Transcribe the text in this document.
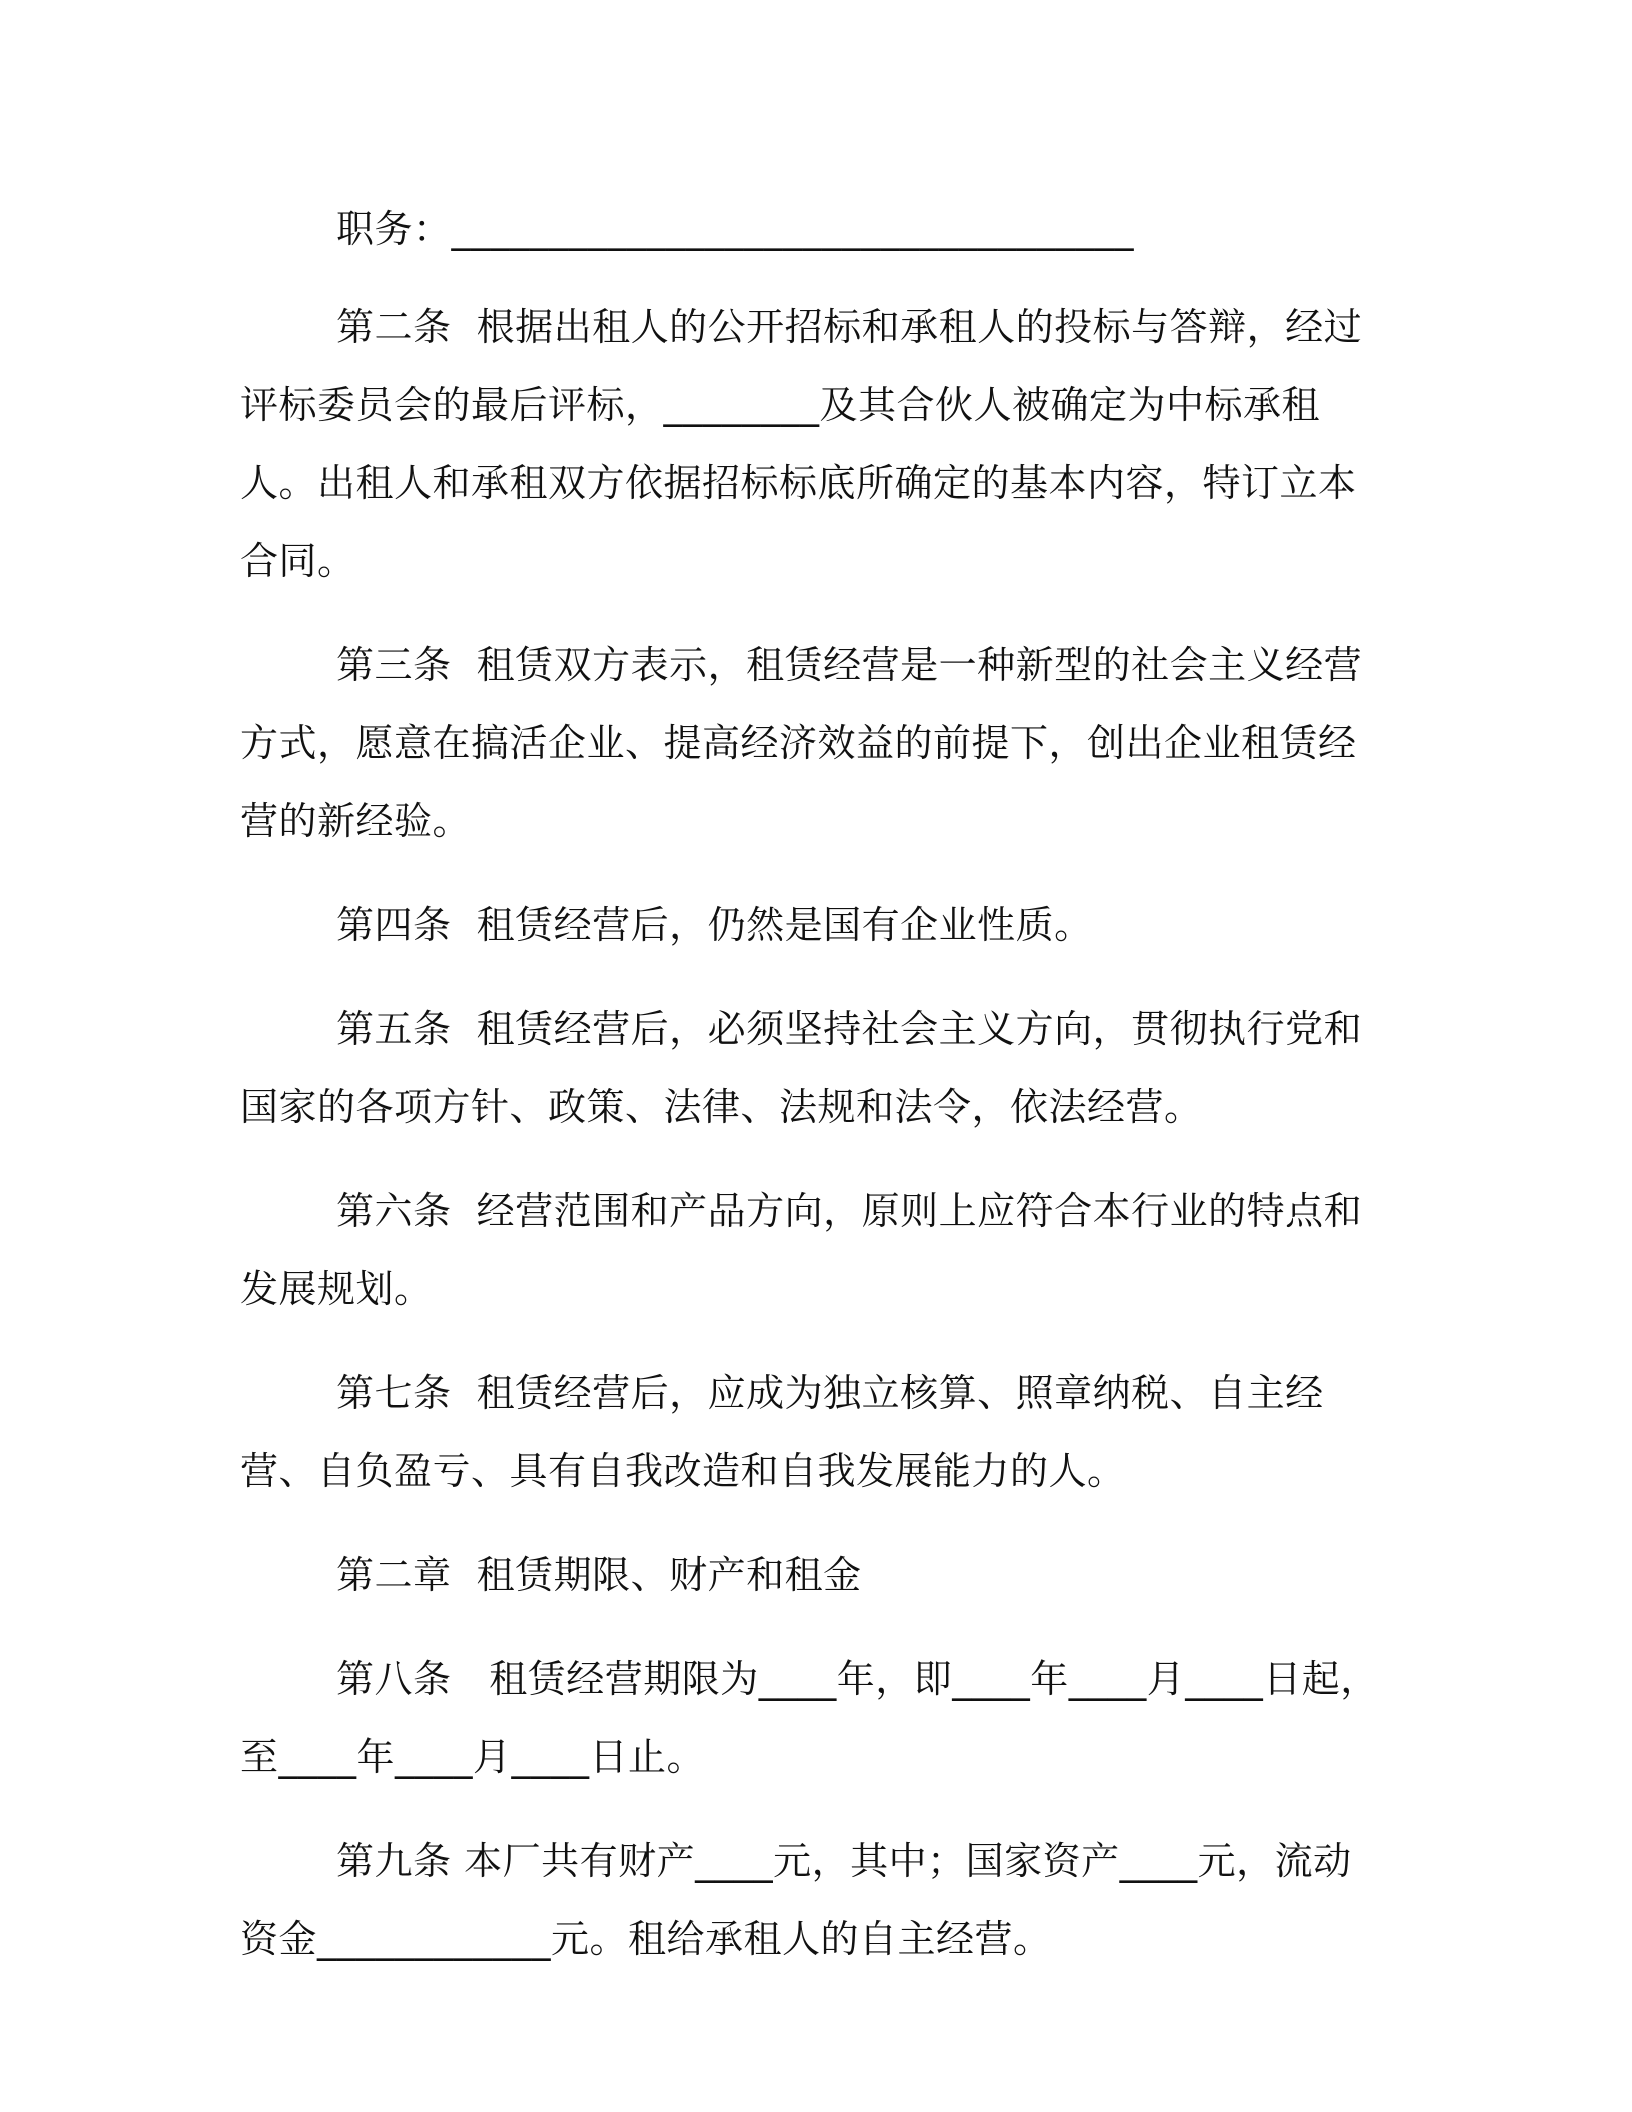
职务：___________________________________

第二条  根据出租人的公开招标和承租人的投标与答辩，经过评标委员会的最后评标，________及其合伙人被确定为中标承租人。出租人和承租双方依据招标标底所确定的基本内容，特订立本合同。

第三条  租赁双方表示，租赁经营是一种新型的社会主义经营方式，愿意在搞活企业、提高经济效益的前提下，创出企业租赁经营的新经验。

第四条  租赁经营后，仍然是国有企业性质。

第五条  租赁经营后，必须坚持社会主义方向，贯彻执行党和国家的各项方针、政策、法律、法规和法令，依法经营。

第六条  经营范围和产品方向，原则上应符合本行业的特点和发展规划。

第七条  租赁经营后，应成为独立核算、照章纳税、自主经营、自负盈亏、具有自我改造和自我发展能力的人。

第二章  租赁期限、财产和租金

第八条   租赁经营期限为____年，即____年____月____日起，至____年____月____日止。

第九条 本厂共有财产____元，其中；国家资产____元，流动资金____________元。租给承租人的自主经营。
